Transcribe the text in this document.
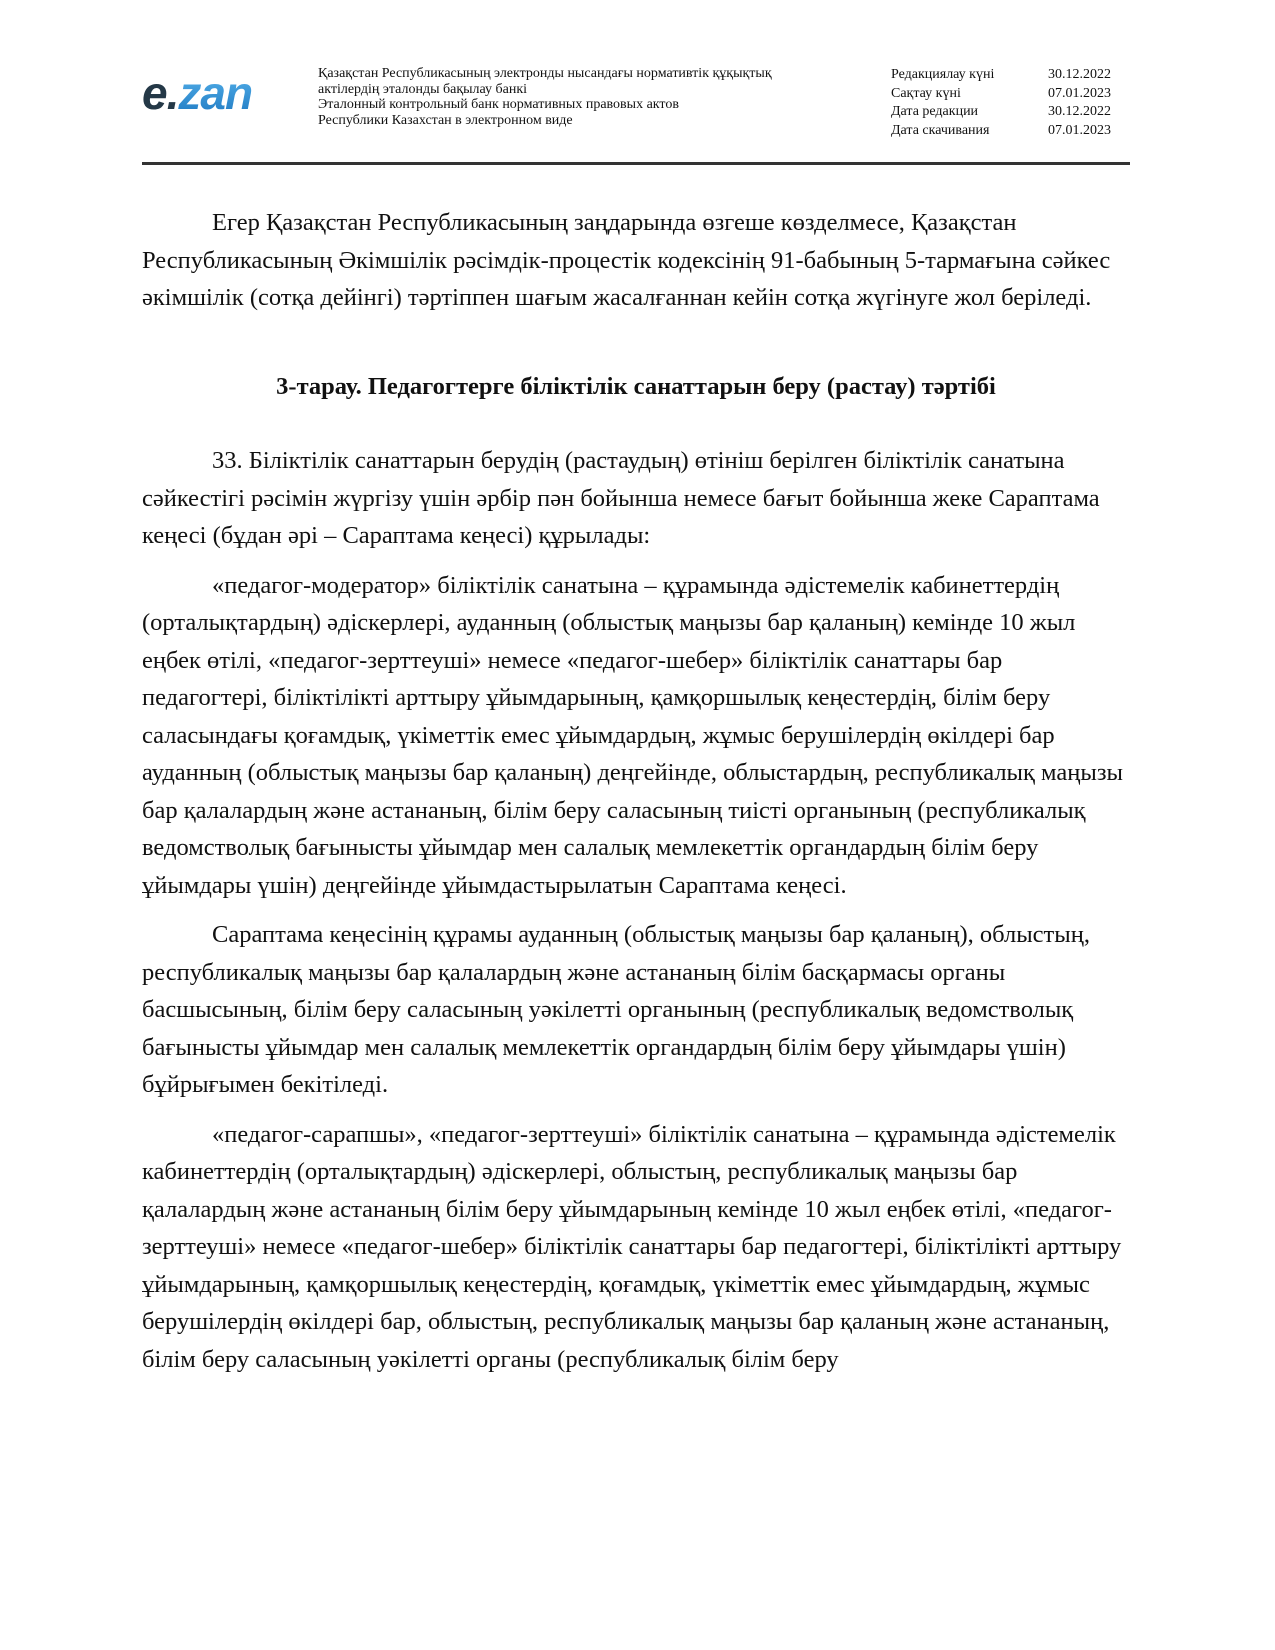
e.zan	Қазақстан Республикасының электронды нысандағы нормативтік құқықтық
актілердің эталонды бақылау банкі
Эталонный контрольный банк нормативных правовых актов
Республики Казахстан в электронном виде
Редакциялау күні	30.12.2022
Сақтау күні	07.01.2023
Дата редакции	30.12.2022
Дата скачивания	07.01.2023

Егер Қазақстан Республикасының заңдарында өзгеше көзделмесе, Қазақстан Республикасының Әкімшілік рәсімдік-процестік кодексінің 91-бабының 5-тармағына сәйкес әкімшілік (сотқа дейінгі) тәртіппен шағым жасалғаннан кейін сотқа жүгінуге жол беріледі.

3-тарау. Педагогтерге біліктілік санаттарын беру (растау) тәртібі

33. Біліктілік санаттарын берудің (растаудың) өтініш берілген біліктілік санатына сәйкестігі рәсімін жүргізу үшін әрбір пән бойынша немесе бағыт бойынша жеке Сараптама кеңесі (бұдан әрі – Сараптама кеңесі) құрылады:

«педагог-модератор» біліктілік санатына – құрамында әдістемелік кабинеттердің (орталықтардың) әдіскерлері, ауданның (облыстық маңызы бар қаланың) кемінде 10 жыл еңбек өтілі, «педагог-зерттеуші» немесе «педагог-шебер» біліктілік санаттары бар педагогтері, біліктілікті арттыру ұйымдарының, қамқоршылық кеңестердің, білім беру саласындағы қоғамдық, үкіметтік емес ұйымдардың, жұмыс берушілердің өкілдері бар ауданның (облыстық маңызы бар қаланың) деңгейінде, облыстардың, республикалық маңызы бар қалалардың және астананың, білім беру саласының тиісті органының (республикалық ведомстволық бағынысты ұйымдар мен салалық мемлекеттік органдардың білім беру ұйымдары үшін) деңгейінде ұйымдастырылатын Сараптама кеңесі.

Сараптама кеңесінің құрамы ауданның (облыстық маңызы бар қаланың), облыстың, республикалық маңызы бар қалалардың және астананың білім басқармасы органы басшысының, білім беру саласының уәкілетті органының (республикалық ведомстволық бағынысты ұйымдар мен салалық мемлекеттік органдардың білім беру ұйымдары үшін) бұйрығымен бекітіледі.

«педагог-сарапшы», «педагог-зерттеуші» біліктілік санатына – құрамында әдістемелік кабинеттердің (орталықтардың) әдіскерлері, облыстың, республикалық маңызы бар қалалардың және астананың білім беру ұйымдарының кемінде 10 жыл еңбек өтілі, «педагог-зерттеуші» немесе «педагог-шебер» біліктілік санаттары бар педагогтері, біліктілікті арттыру ұйымдарының, қамқоршылық кеңестердің, қоғамдық, үкіметтік емес ұйымдардың, жұмыс берушілердің өкілдері бар, облыстың, республикалық маңызы бар қаланың және астананың, білім беру саласының уәкілетті органы (республикалық білім беру
